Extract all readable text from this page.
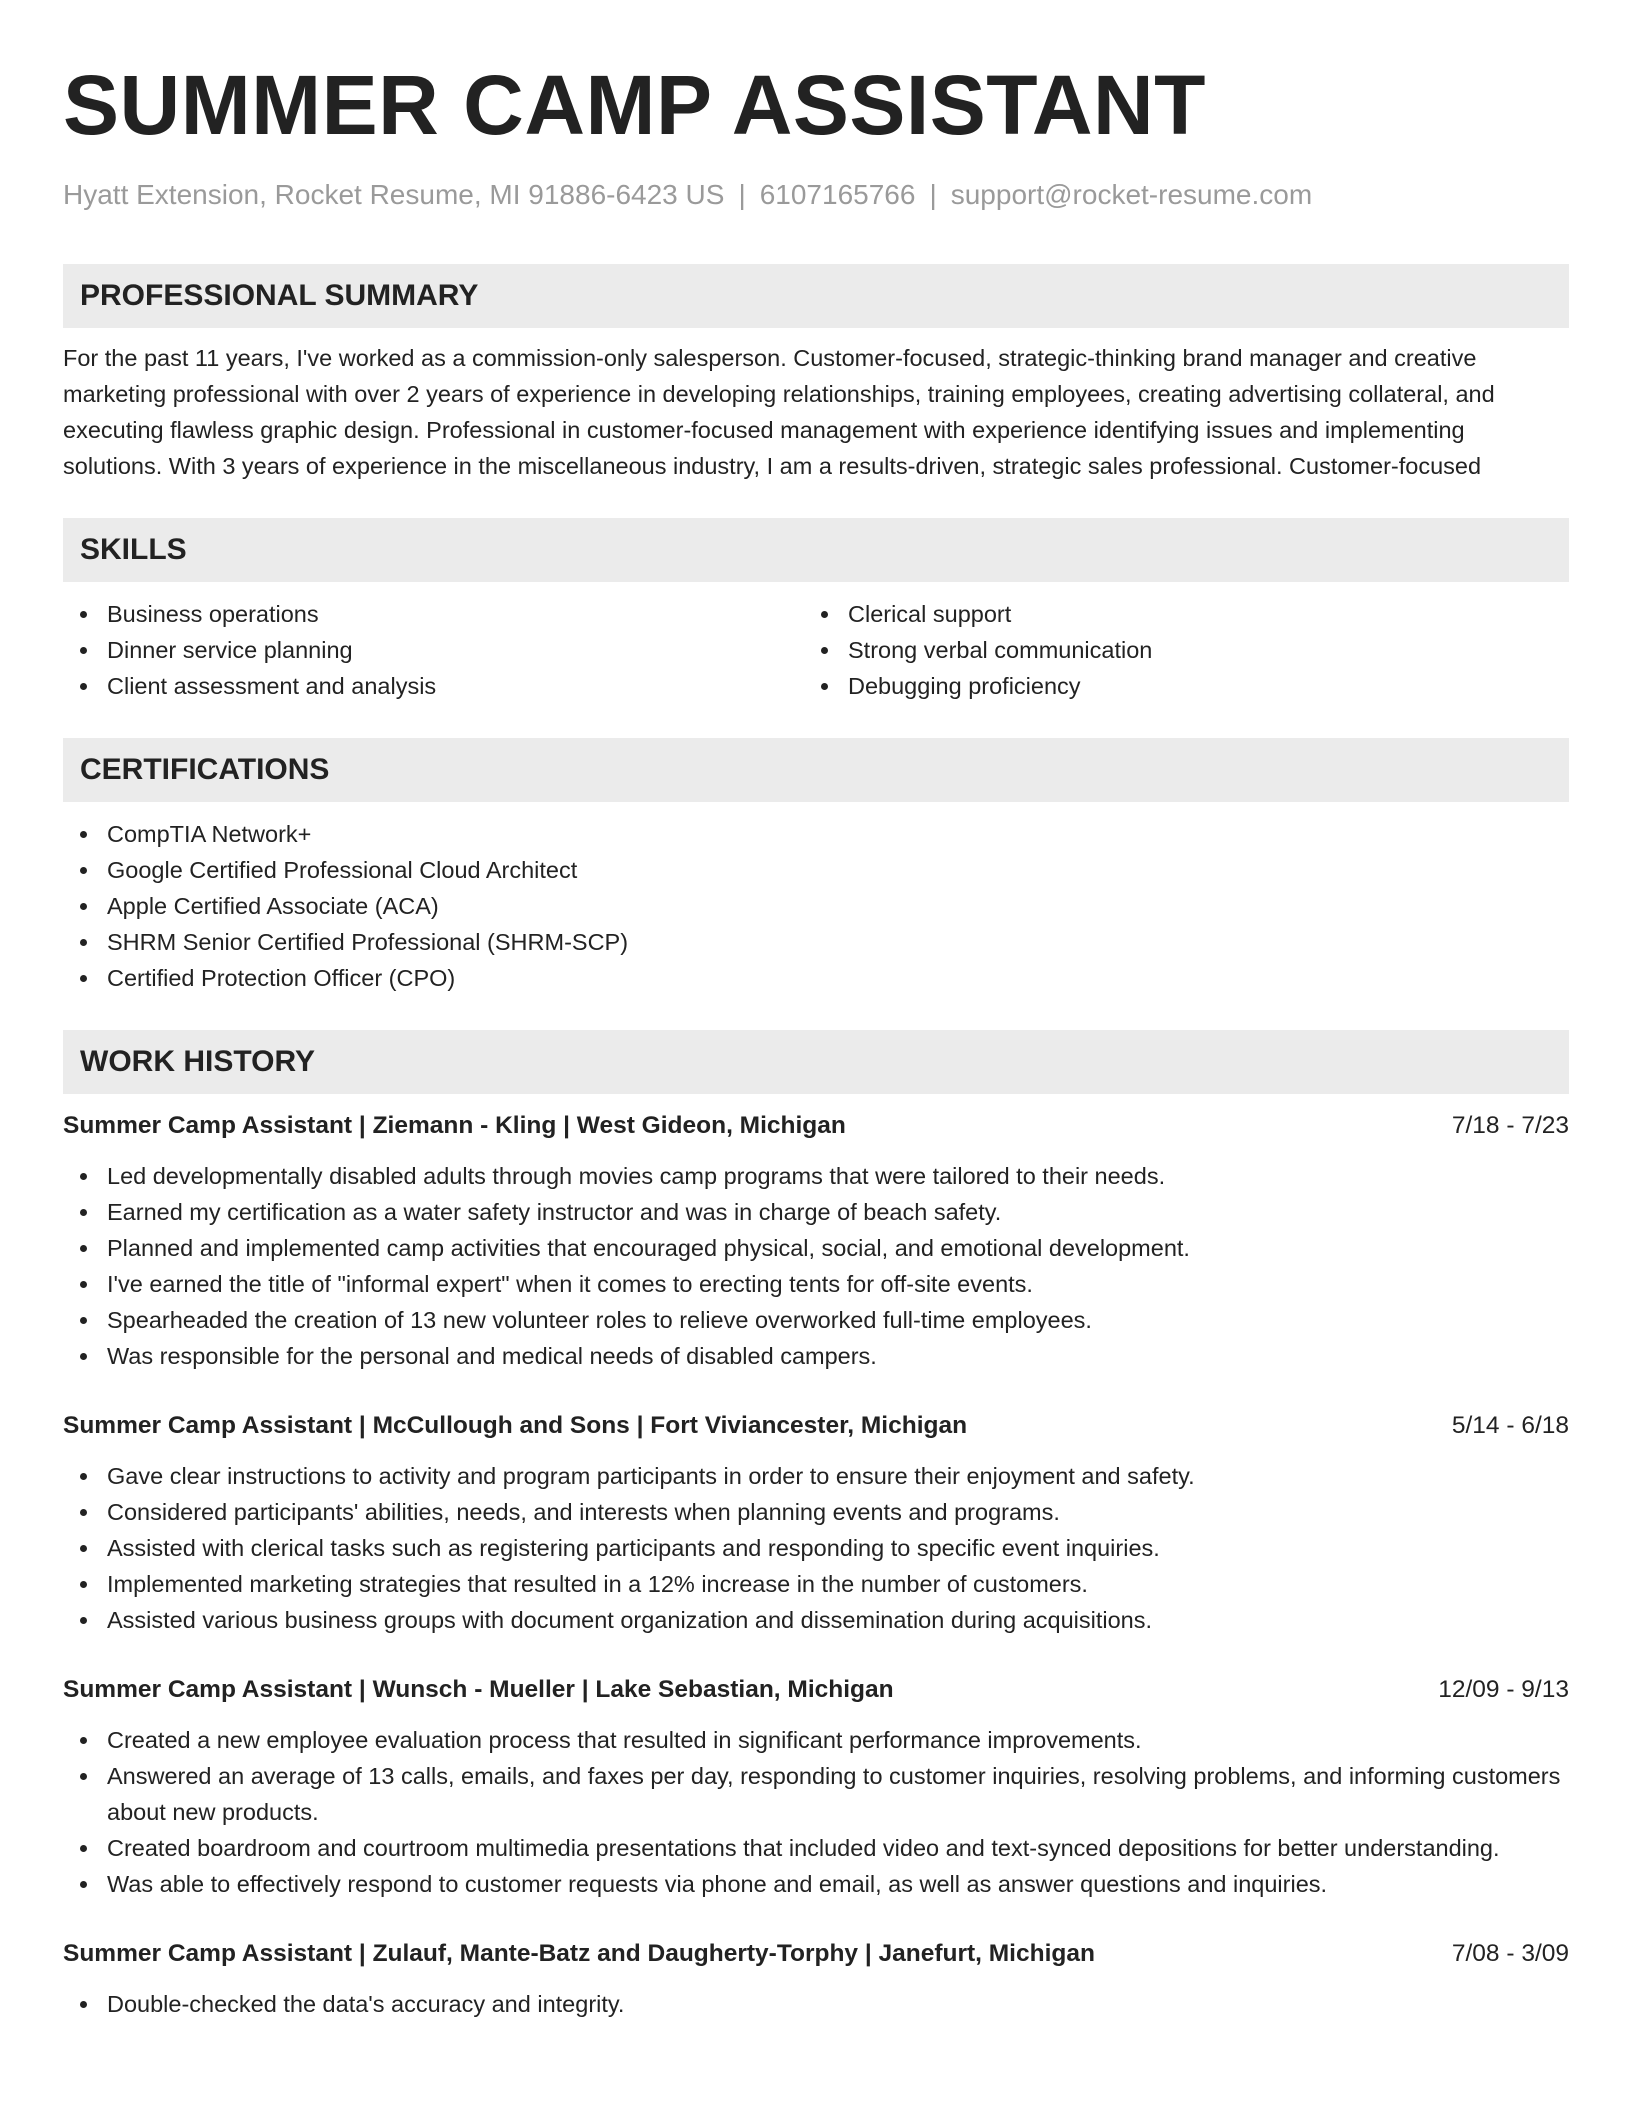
SUMMER CAMP ASSISTANT
Hyatt Extension, Rocket Resume, MI 91886-6423 US | 6107165766 | support@rocket-resume.com
PROFESSIONAL SUMMARY
For the past 11 years, I've worked as a commission-only salesperson. Customer-focused, strategic-thinking brand manager and creative marketing professional with over 2 years of experience in developing relationships, training employees, creating advertising collateral, and executing flawless graphic design. Professional in customer-focused management with experience identifying issues and implementing solutions. With 3 years of experience in the miscellaneous industry, I am a results-driven, strategic sales professional. Customer-focused
SKILLS
Business operations
Dinner service planning
Client assessment and analysis
Clerical support
Strong verbal communication
Debugging proficiency
CERTIFICATIONS
CompTIA Network+
Google Certified Professional Cloud Architect
Apple Certified Associate (ACA)
SHRM Senior Certified Professional (SHRM-SCP)
Certified Protection Officer (CPO)
WORK HISTORY
Summer Camp Assistant | Ziemann - Kling | West Gideon, Michigan	7/18 - 7/23
Led developmentally disabled adults through movies camp programs that were tailored to their needs.
Earned my certification as a water safety instructor and was in charge of beach safety.
Planned and implemented camp activities that encouraged physical, social, and emotional development.
I've earned the title of "informal expert" when it comes to erecting tents for off-site events.
Spearheaded the creation of 13 new volunteer roles to relieve overworked full-time employees.
Was responsible for the personal and medical needs of disabled campers.
Summer Camp Assistant | McCullough and Sons | Fort Viviancester, Michigan	5/14 - 6/18
Gave clear instructions to activity and program participants in order to ensure their enjoyment and safety.
Considered participants' abilities, needs, and interests when planning events and programs.
Assisted with clerical tasks such as registering participants and responding to specific event inquiries.
Implemented marketing strategies that resulted in a 12% increase in the number of customers.
Assisted various business groups with document organization and dissemination during acquisitions.
Summer Camp Assistant | Wunsch - Mueller | Lake Sebastian, Michigan	12/09 - 9/13
Created a new employee evaluation process that resulted in significant performance improvements.
Answered an average of 13 calls, emails, and faxes per day, responding to customer inquiries, resolving problems, and informing customers about new products.
Created boardroom and courtroom multimedia presentations that included video and text-synced depositions for better understanding.
Was able to effectively respond to customer requests via phone and email, as well as answer questions and inquiries.
Summer Camp Assistant | Zulauf, Mante-Batz and Daugherty-Torphy | Janefurt, Michigan	7/08 - 3/09
Double-checked the data's accuracy and integrity.
